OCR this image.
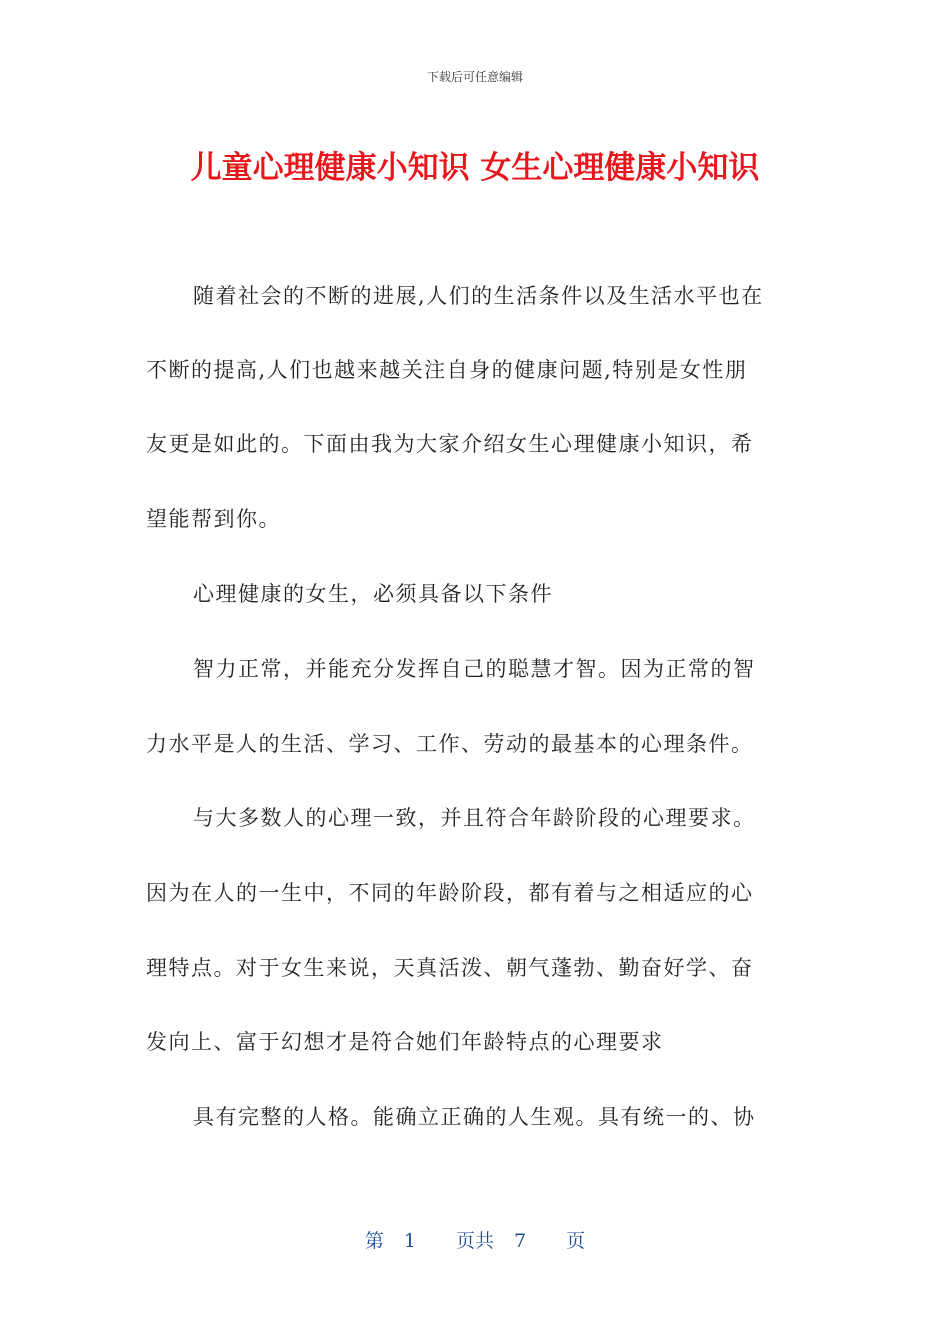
下载后可任意编辑
儿童心理健康小知识 女生心理健康小知识
随着社会的不断的进展,人们的生活条件以及生活水平也在
不断的提高,人们也越来越关注自身的健康问题,特别是女性朋
友更是如此的。下面由我为大家介绍女生心理健康小知识，希
望能帮到你。
心理健康的女生，必须具备以下条件
智力正常，并能充分发挥自己的聪慧才智。因为正常的智
力水平是人的生活、学习、工作、劳动的最基本的心理条件。
与大多数人的心理一致，并且符合年龄阶段的心理要求。
因为在人的一生中，不同的年龄阶段，都有着与之相适应的心
理特点。对于女生来说，天真活泼、朝气蓬勃、勤奋好学、奋
发向上、富于幻想才是符合她们年龄特点的心理要求
具有完整的人格。能确立正确的人生观。具有统一的、协
第 1 页共 7 页
